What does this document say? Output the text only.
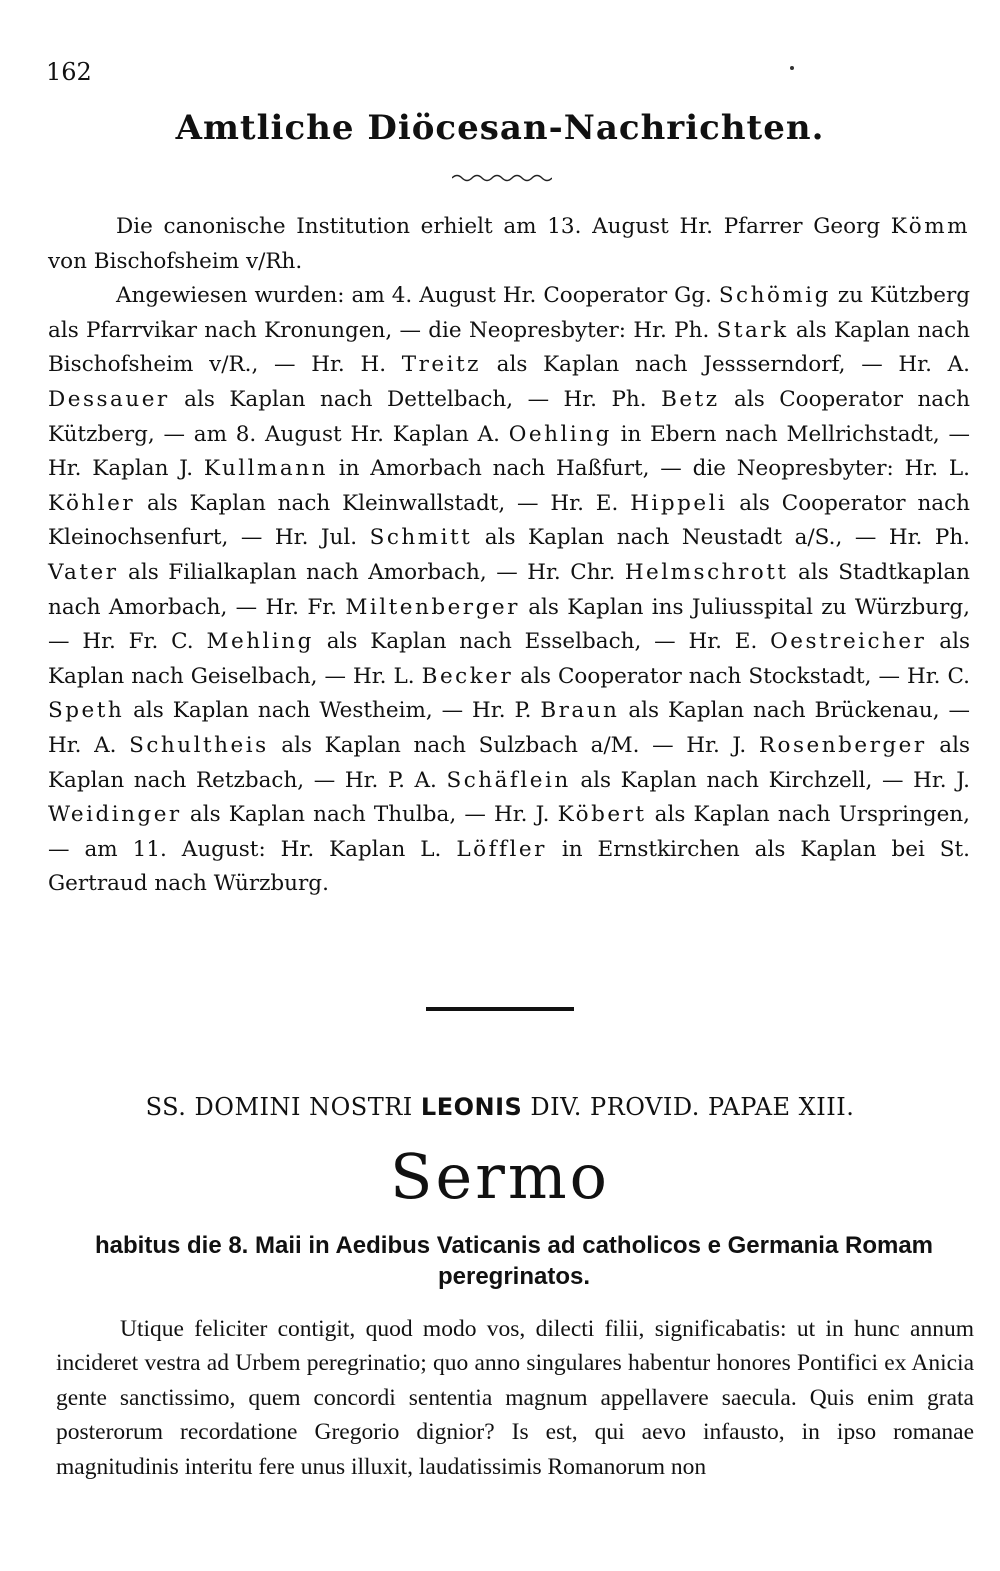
162
Amtliche Diöcesan-Nachrichten.

Die canonische Institution erhielt am 13. August Hr. Pfarrer Georg Kömm von Bischofsheim v/Rh.

Angewiesen wurden: am 4. August Hr. Cooperator Gg. Schömig zu Kützberg als Pfarrvikar nach Kronungen, — die Neopresbyter: Hr. Ph. Stark als Kaplan nach Bischofsheim v/R., — Hr. H. Treitz als Kaplan nach Jessserndorf, — Hr. A. Dessauer als Kaplan nach Dettelbach, — Hr. Ph. Betz als Cooperator nach Kützberg, — am 8. August Hr. Kaplan A. Oehling in Ebern nach Mellrichstadt, — Hr. Kaplan J. Kullmann in Amorbach nach Haßfurt, — die Neopresbyter: Hr. L. Köhler als Kaplan nach Kleinwallstadt, — Hr. E. Hippeli als Cooperator nach Kleinochsenfurt, — Hr. Jul. Schmitt als Kaplan nach Neustadt a/S., — Hr. Ph. Vater als Filialkaplan nach Amorbach, — Hr. Chr. Helmschrott als Stadtkaplan nach Amorbach, — Hr. Fr. Miltenberger als Kaplan ins Juliusspital zu Würzburg, — Hr. Fr. C. Mehling als Kaplan nach Esselbach, — Hr. E. Oestreicher als Kaplan nach Geiselbach, — Hr. L. Becker als Cooperator nach Stockstadt, — Hr. C. Speth als Kaplan nach Westheim, — Hr. P. Braun als Kaplan nach Brückenau, — Hr. A. Schultheis als Kaplan nach Sulzbach a/M. — Hr. J. Rosenberger als Kaplan nach Retzbach, — Hr. P. A. Schäflein als Kaplan nach Kirchzell, — Hr. J. Weidinger als Kaplan nach Thulba, — Hr. J. Köbert als Kaplan nach Urspringen, — am 11. August: Hr. Kaplan L. Löffler in Ernstkirchen als Kaplan bei St. Gertraud nach Würzburg.

SS. DOMINI NOSTRI LEONIS DIV. PROVID. PAPAE XIII.
Sermo
habitus die 8. Maii in Aedibus Vaticanis ad catholicos e Germania Romam peregrinatos.

Utique feliciter contigit, quod modo vos, dilecti filii, significabatis: ut in hunc annum incideret vestra ad Urbem peregrinatio; quo anno singulares habentur honores Pontifici ex Anicia gente sanctissimo, quem concordi sententia magnum appellavere saecula. Quis enim grata posterorum recordatione Gregorio dignior? Is est, qui aevo infausto, in ipso romanae magnitudinis interitu fere unus illuxit, laudatissimis Romanorum non
